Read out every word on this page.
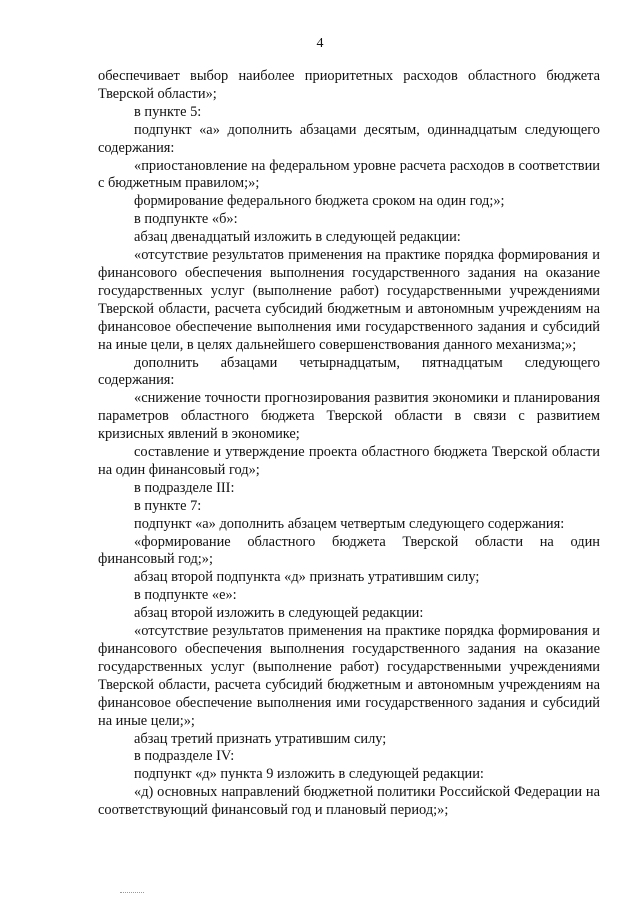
4

обеспечивает выбор наиболее приоритетных расходов областного бюджета Тверской области»;

в пункте 5:

подпункт «а» дополнить абзацами десятым, одиннадцатым следующего содержания:

«приостановление на федеральном уровне расчета расходов в соответствии с бюджетным правилом;»;

формирование федерального бюджета сроком на один год;»;

в подпункте «б»:

абзац двенадцатый изложить в следующей редакции:

«отсутствие результатов применения на практике порядка формирования и финансового обеспечения выполнения государственного задания на оказание государственных услуг (выполнение работ) государственными учреждениями Тверской области, расчета субсидий бюджетным и автономным учреждениям на финансовое обеспечение выполнения ими государственного задания и субсидий на иные цели, в целях дальнейшего совершенствования данного механизма;»;

дополнить абзацами четырнадцатым, пятнадцатым следующего содержания:

«снижение точности прогнозирования развития экономики и планирования параметров областного бюджета Тверской области в связи с развитием кризисных явлений в экономике;

составление и утверждение проекта областного бюджета Тверской области на один финансовый год»;

в подразделе III:

в пункте 7:

подпункт «а» дополнить абзацем четвертым следующего содержания:

«формирование областного бюджета Тверской области на один финансовый год;»;

абзац второй подпункта «д» признать утратившим силу;

в подпункте «е»:

абзац второй изложить в следующей редакции:

«отсутствие результатов применения на практике порядка формирования и финансового обеспечения выполнения государственного задания на оказание государственных услуг (выполнение работ) государственными учреждениями Тверской области, расчета субсидий бюджетным и автономным учреждениям на финансовое обеспечение выполнения ими государственного задания и субсидий на иные цели;»;

абзац третий признать утратившим силу;

в подразделе IV:

подпункт «д» пункта 9 изложить в следующей редакции:

«д) основных направлений бюджетной политики Российской Федерации на соответствующий финансовый год и плановый период;»;
